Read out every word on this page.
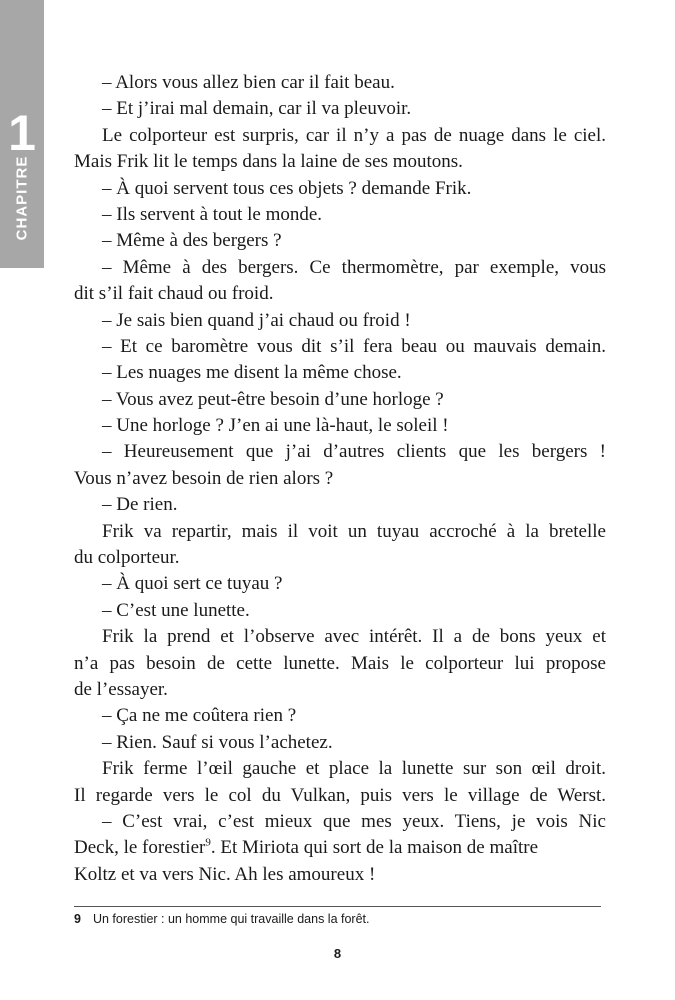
1
CHAPITRE
– Alors vous allez bien car il fait beau.
– Et j’irai mal demain, car il va pleuvoir.
Le colporteur est surpris, car il n’y a pas de nuage dans le ciel.
Mais Frik lit le temps dans la laine de ses moutons.
– À quoi servent tous ces objets ? demande Frik.
– Ils servent à tout le monde.
– Même à des bergers ?
– Même à des bergers. Ce thermomètre, par exemple, vous
dit s’il fait chaud ou froid.
– Je sais bien quand j’ai chaud ou froid !
– Et ce baromètre vous dit s’il fera beau ou mauvais demain.
– Les nuages me disent la même chose.
– Vous avez peut-être besoin d’une horloge ?
– Une horloge ? J’en ai une là-haut, le soleil !
– Heureusement que j’ai d’autres clients que les bergers !
Vous n’avez besoin de rien alors ?
– De rien.
Frik va repartir, mais il voit un tuyau accroché à la bretelle
du colporteur.
– À quoi sert ce tuyau ?
– C’est une lunette.
Frik la prend et l’observe avec intérêt. Il a de bons yeux et
n’a pas besoin de cette lunette. Mais le colporteur lui propose
de l’essayer.
– Ça ne me coûtera rien ?
– Rien. Sauf si vous l’achetez.
Frik ferme l’œil gauche et place la lunette sur son œil droit.
Il regarde vers le col du Vulkan, puis vers le village de Werst.
– C’est vrai, c’est mieux que mes yeux. Tiens, je vois Nic
Deck, le forestier$^9$. Et Miriota qui sort de la maison de maître
Koltz et va vers Nic. Ah les amoureux !
9 Un forestier : un homme qui travaille dans la forêt.
8
